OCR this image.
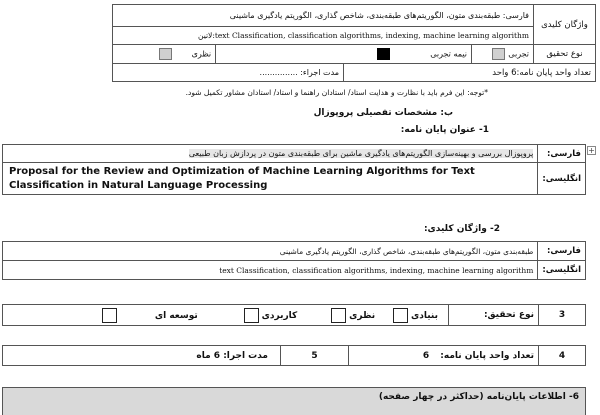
واژگان کلیدی	فارسی: طبقه‌بندی متون، الگوریتم‌های طبقه‌بندی، شاخص گذاری، الگوریتم یادگیری ماشینی			
	text Classification, classification algorithms, indexing, machine learning algorithm:لاتین			
نوع تحقیق	تجربی	نیمه تجربی		نظری
تعداد واحد پایان نامه:6 واحد			مدت اجراء: ...............	
*توجه: این فرم باید با نظارت و هدایت استاد/ استادان راهنما و استاد/ استادان مشاور تکمیل شود.
ب: مشخصات تفصیلی پروپوزال
1- عنوان پایان نامه:
+
فارسی:	پروپوزال بررسی و بهینه‌سازی الگوریتم‌های یادگیری ماشین برای طبقه‌بندی متون در پردازش زبان طبیعی
انگلیسی:	Proposal for the Review and Optimization of Machine Learning Algorithms for Text Classification in Natural Language Processing
2- واژگان کلیدی:
فارسی:	طبقه‌بندی متون، الگوریتم‌های طبقه‌بندی، شاخص گذاری، الگوریتم یادگیری ماشینی
انگلیسی:	text Classification, classification algorithms, indexing, machine learning algorithm
3	نوع تحقیق:	بنیادی نظری کاربردی توسعه ای
4	تعداد واحد پایان نامه: 6	5	مدت اجرا: 6 ماه
6- اطلاعات پایان‌نامه (حداکثر در چهار صفحه)
